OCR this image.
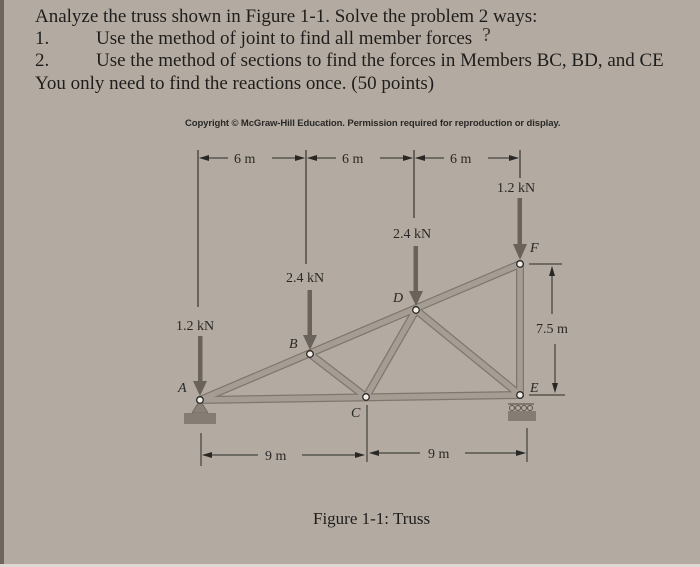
Analyze the truss shown in Figure 1-1. Solve the problem 2 ways:
1. Use the method of joint to find all member forces ?
2. Use the method of sections to find the forces in Members BC, BD, and CE
You only need to find the reactions once. (50 points)
Copyright © McGraw-Hill Education. Permission required for reproduction or display.
6 m	6 m	6 m
A
B
C
D
E
F
1.2 kN
2.4 kN
2.4 kN
1.2 kN
7.5 m
9 m	9 m
Figure 1-1: Truss
